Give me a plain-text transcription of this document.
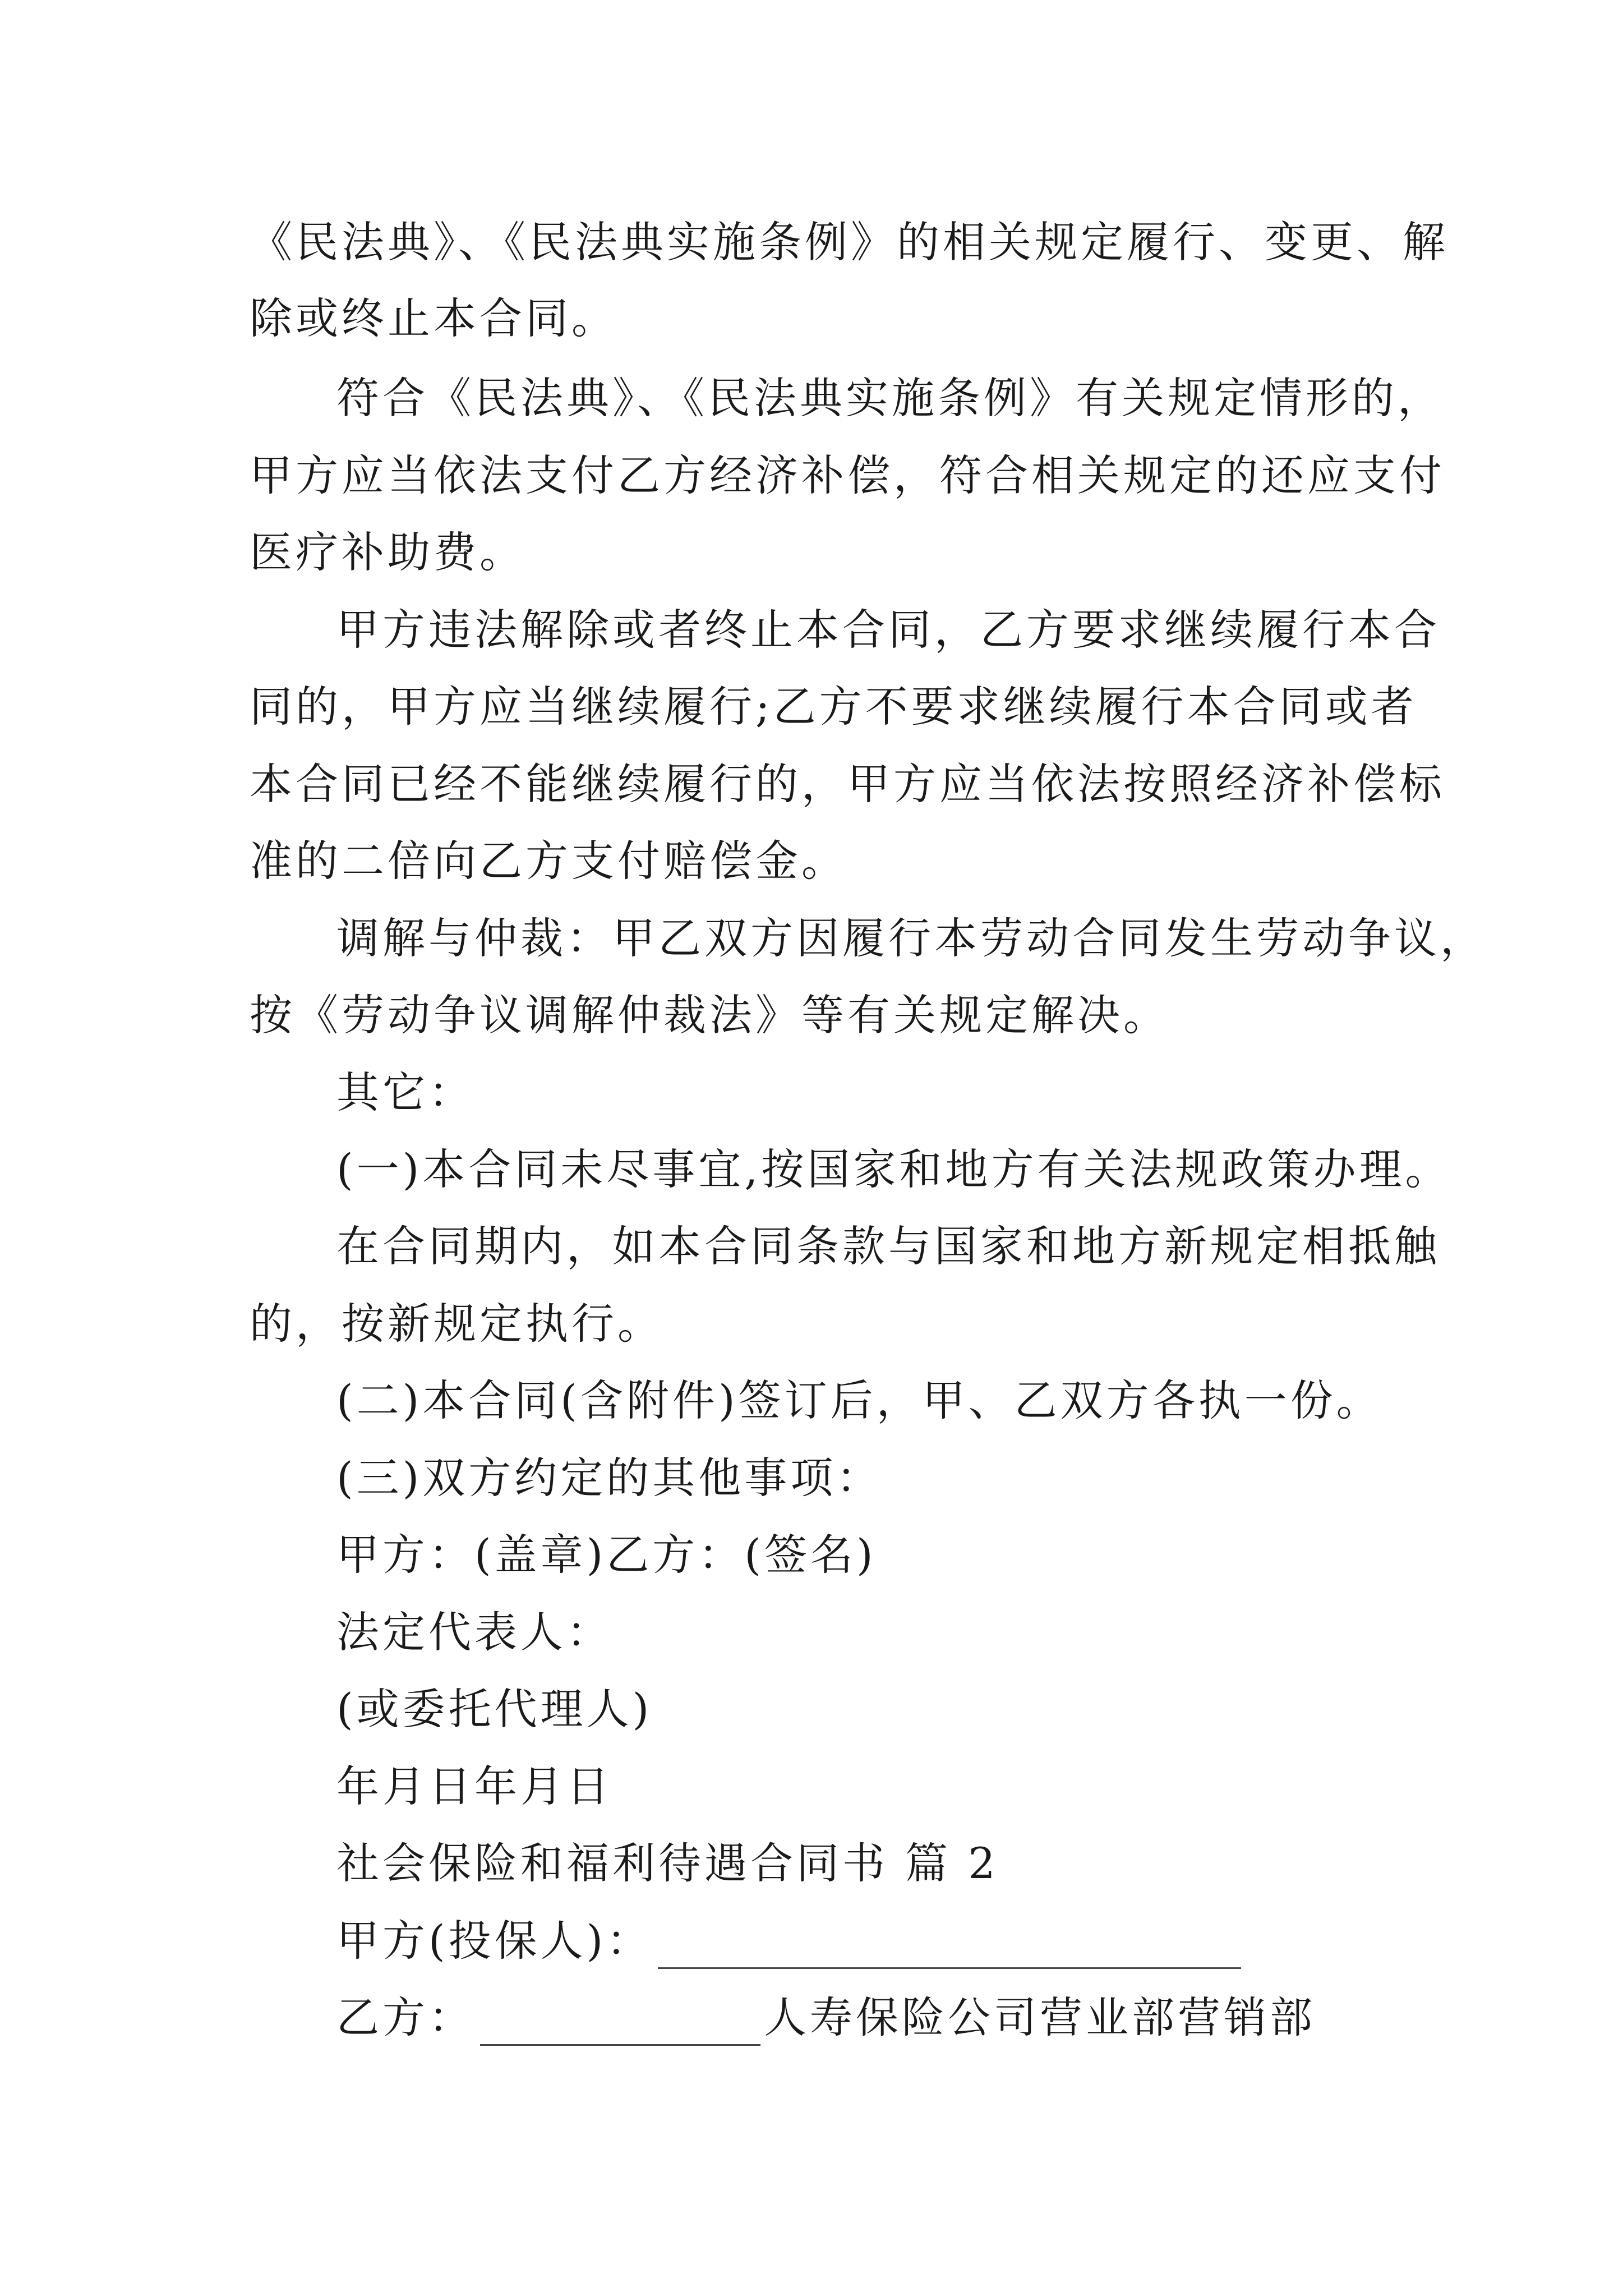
《民法典》、《民法典实施条例》的相关规定履行、变更、解
除或终止本合同。
符合《民法典》、《民法典实施条例》有关规定情形的，
甲方应当依法支付乙方经济补偿，符合相关规定的还应支付
医疗补助费。
甲方违法解除或者终止本合同，乙方要求继续履行本合
同的，甲方应当继续履行;乙方不要求继续履行本合同或者
本合同已经不能继续履行的，甲方应当依法按照经济补偿标
准的二倍向乙方支付赔偿金。
调解与仲裁：甲乙双方因履行本劳动合同发生劳动争议，
按《劳动争议调解仲裁法》等有关规定解决。
其它：
(一)本合同未尽事宜,按国家和地方有关法规政策办理。
在合同期内，如本合同条款与国家和地方新规定相抵触
的，按新规定执行。
(二)本合同(含附件)签订后，甲、乙双方各执一份。
(三)双方约定的其他事项：
甲方：(盖章)乙方：(签名)
法定代表人：
(或委托代理人)
年月日年月日
社会保险和福利待遇合同书 篇 2
甲方(投保人)：
乙方：	人寿保险公司营业部营销部
